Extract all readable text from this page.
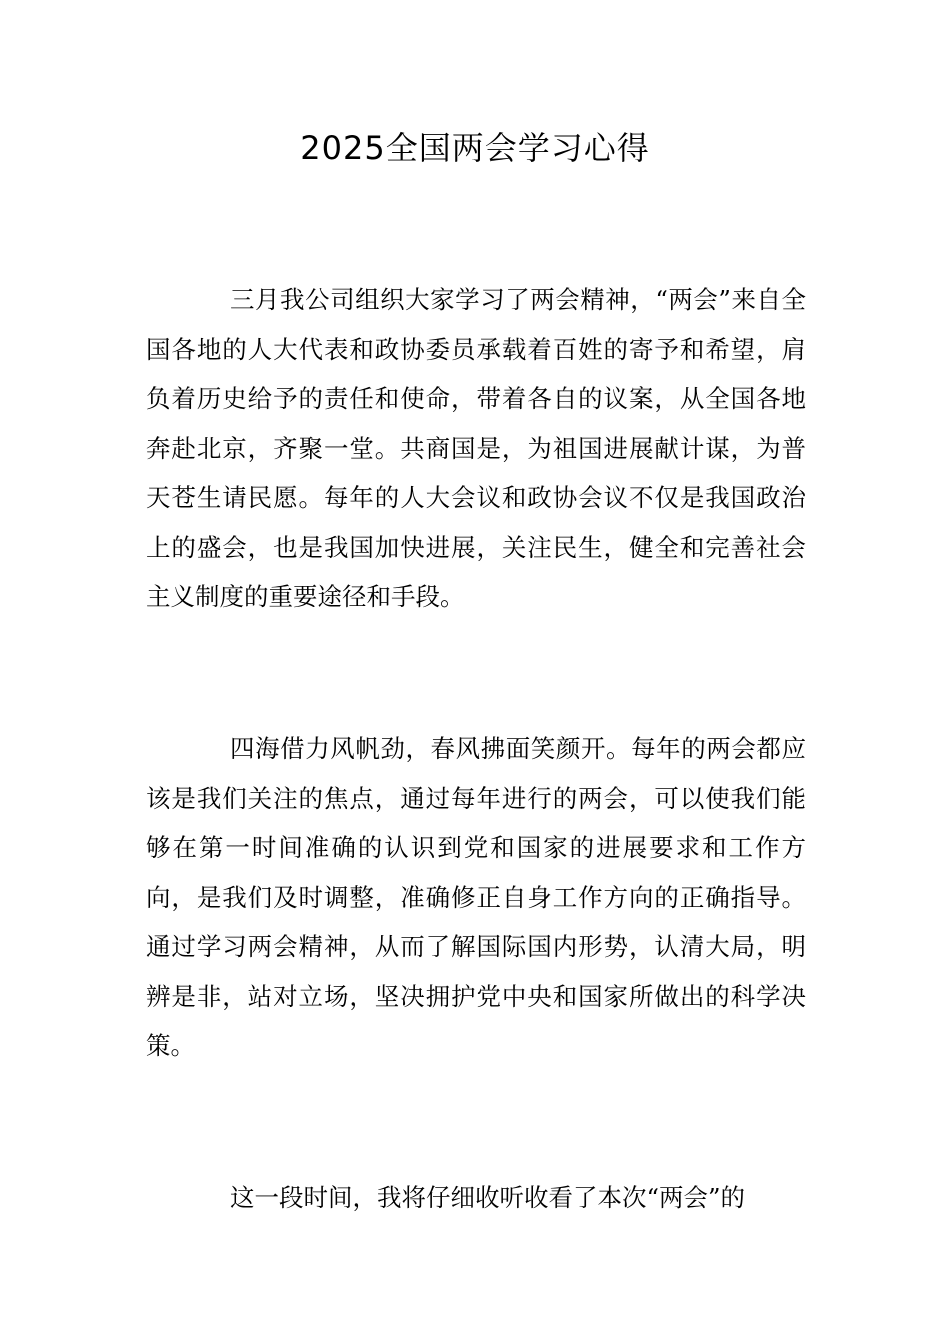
2025全国两会学习心得

三月我公司组织大家学习了两会精神，“两会”来自全国各地的人大代表和政协委员承载着百姓的寄予和希望，肩负着历史给予的责任和使命，带着各自的议案，从全国各地奔赴北京，齐聚一堂。共商国是，为祖国进展献计谋，为普天苍生请民愿。每年的人大会议和政协会议不仅是我国政治上的盛会，也是我国加快进展，关注民生，健全和完善社会主义制度的重要途径和手段。

四海借力风帆劲，春风拂面笑颜开。每年的两会都应该是我们关注的焦点，通过每年进行的两会，可以使我们能够在第一时间准确的认识到党和国家的进展要求和工作方向，是我们及时调整，准确修正自身工作方向的正确指导。通过学习两会精神，从而了解国际国内形势，认清大局，明辨是非，站对立场，坚决拥护党中央和国家所做出的科学决策。

这一段时间，我将仔细收听收看了本次“两会”的
